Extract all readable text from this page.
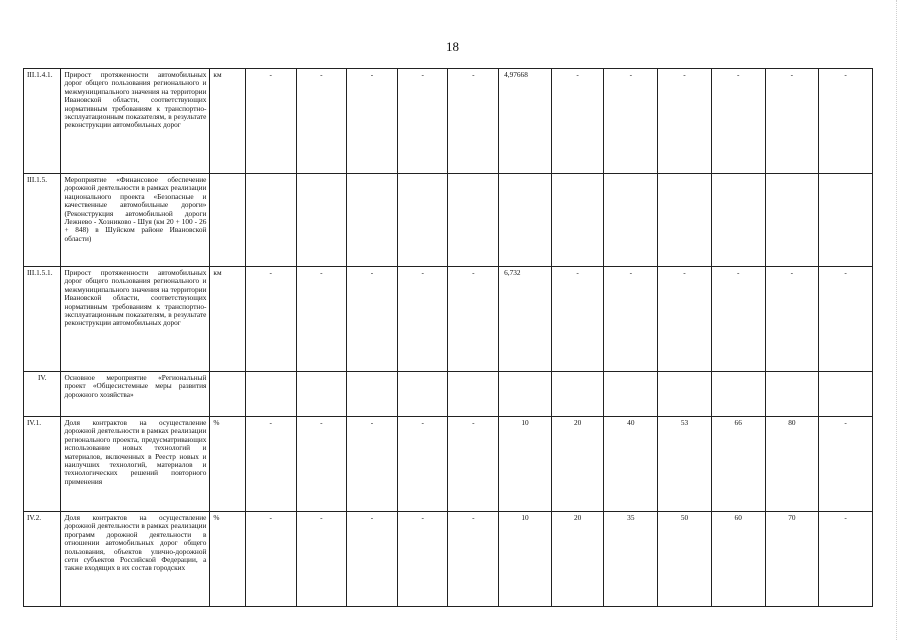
18
III.1.4.1.	Прирост протяженности автомобильных дорог общего пользования регионального и межмуниципального значения на территории Ивановской области, соответствующих нормативным требованиям к транспортно-эксплуатационным показателям, в результате реконструкции автомобильных дорог	км	-	-	-	-	-	4,97668	-	-	-	-	-	-
III.1.5.	Мероприятие «Финансовое обеспечение дорожной деятельности в рамках реализации национального проекта «Безопасные и качественные автомобильные дороги» (Реконструкция автомобильной дороги Лежнево - Хозниково - Шуя (км 20 + 100 - 26 + 848) в Шуйском районе Ивановской области)													
III.1.5.1.	Прирост протяженности автомобильных дорог общего пользования регионального и межмуниципального значения на территории Ивановской области, соответствующих нормативным требованиям к транспортно-эксплуатационным показателям, в результате реконструкции автомобильных дорог	км	-	-	-	-	-	6,732	-	-	-	-	-	-
IV.	Основное мероприятие «Региональный проект «Общесистемные меры развития дорожного хозяйства»													
IV.1.	Доля контрактов на осуществление дорожной деятельности в рамках реализации регионального проекта, предусматривающих использование новых технологий и материалов, включенных в Реестр новых и наилучших технологий, материалов и технологических решений повторного применения	%	-	-	-	-	-	10	20	40	53	66	80	-
IV.2.	Доля контрактов на осуществление дорожной деятельности в рамках реализации программ дорожной деятельности в отношении автомобильных дорог общего пользования, объектов улично-дорожной сети субъектов Российской Федерации, а также входящих в их состав городских	%	-	-	-	-	-	10	20	35	50	60	70	-
